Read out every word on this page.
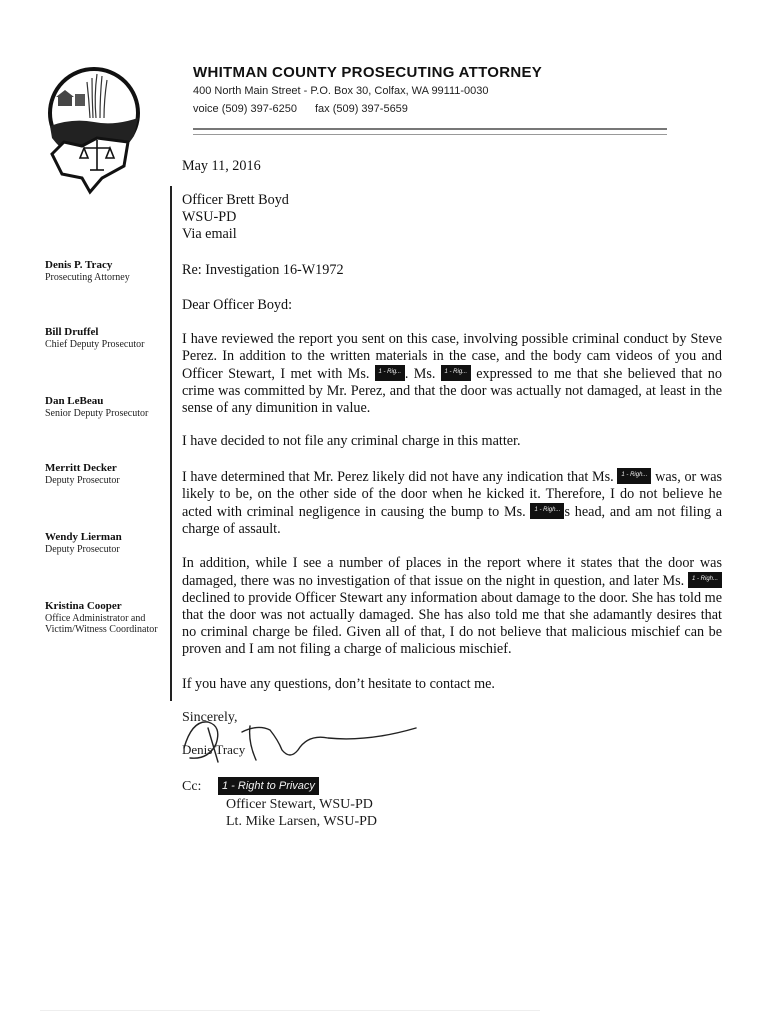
WHITMAN COUNTY PROSECUTING ATTORNEY
400 North Main Street - P.O. Box 30, Colfax, WA 99111-0030
voice (509) 397-6250 fax (509) 397-5659
Denis P. Tracy
Prosecuting Attorney
Bill Druffel
Chief Deputy Prosecutor
Dan LeBeau
Senior Deputy Prosecutor
Merritt Decker
Deputy Prosecutor
Wendy Lierman
Deputy Prosecutor
Kristina Cooper
Office Administrator and Victim/Witness Coordinator
May 11, 2016
Officer Brett Boyd
WSU-PD
Via email
Re: Investigation 16-W1972
Dear Officer Boyd:
I have reviewed the report you sent on this case, involving possible criminal conduct by Steve Perez. In addition to the written materials in the case, and the body cam videos of you and Officer Stewart, I met with Ms. 1 - Rig... . Ms. 1 - Rig... expressed to me that she believed that no crime was committed by Mr. Perez, and that the door was actually not damaged, at least in the sense of any dimunition in value.
I have decided to not file any criminal charge in this matter.
I have determined that Mr. Perez likely did not have any indication that Ms. 1 - Righ... was, or was likely to be, on the other side of the door when he kicked it. Therefore, I do not believe he acted with criminal negligence in causing the bump to Ms. 1 - Righ... s head, and am not filing a charge of assault.
In addition, while I see a number of places in the report where it states that the door was damaged, there was no investigation of that issue on the night in question, and later Ms. 1 - Righ... declined to provide Officer Stewart any information about damage to the door. She has told me that the door was not actually damaged. She has also told me that she adamantly desires that no criminal charge be filed. Given all of that, I do not believe that malicious mischief can be proven and I am not filing a charge of malicious mischief.
If you have any questions, don’t hesitate to contact me.
Sincerely,
Denis Tracy
Cc:	1 - Right to Privacy
Officer Stewart, WSU-PD
Lt. Mike Larsen, WSU-PD
